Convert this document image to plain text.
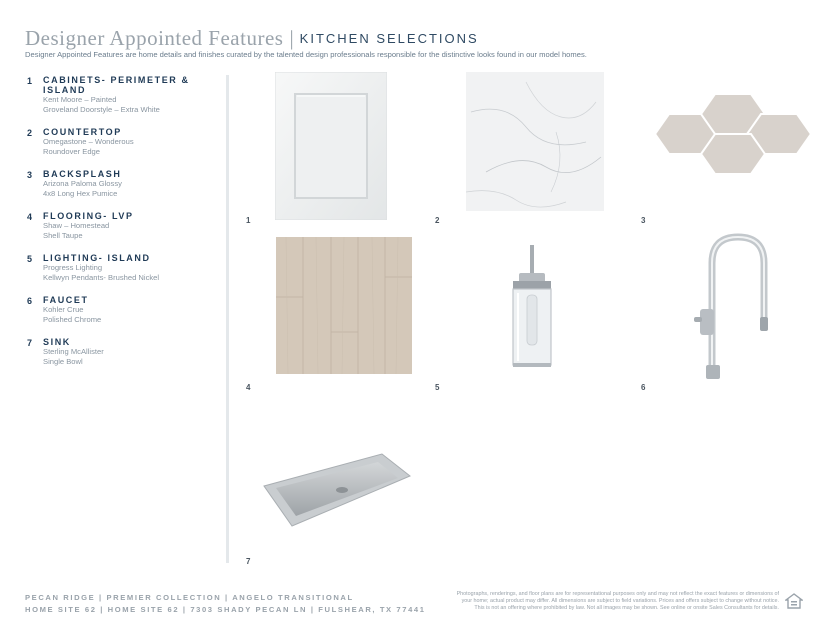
Designer Appointed Features | KITCHEN SELECTIONS
Designer Appointed Features are home details and finishes curated by the talented design professionals responsible for the distinctive looks found in our model homes.
1	CABINETS- PERIMETER & ISLAND
Kent Moore – Painted
Groveland Doorstyle – Extra White
2	COUNTERTOP
Omegastone – Wonderous
Roundover Edge
3	BACKSPLASH
Arizona Paloma Glossy
4x8 Long Hex Pumice
4	FLOORING- LVP
Shaw – Homestead
Shell Taupe
5	LIGHTING- ISLAND
Progress Lighting
Kellwyn Pendants- Brushed Nickel
6	FAUCET
Kohler Crue
Polished Chrome
7	SINK
Sterling McAllister
Single Bowl
1	2	3
4	5	6
7
PECAN RIDGE | PREMIER COLLECTION | ANGELO TRANSITIONAL
HOME SITE 62 | HOME SITE 62 | 7303 SHADY PECAN LN | FULSHEAR, TX 77441
Photographs, renderings, and floor plans are for representational purposes only and may not reflect the exact features or dimensions of
your home; actual product may differ. All dimensions are subject to field variations. Prices and offers subject to change without notice.
This is not an offering where prohibited by law. Not all images may be shown. See online or onsite Sales Consultants for details.
